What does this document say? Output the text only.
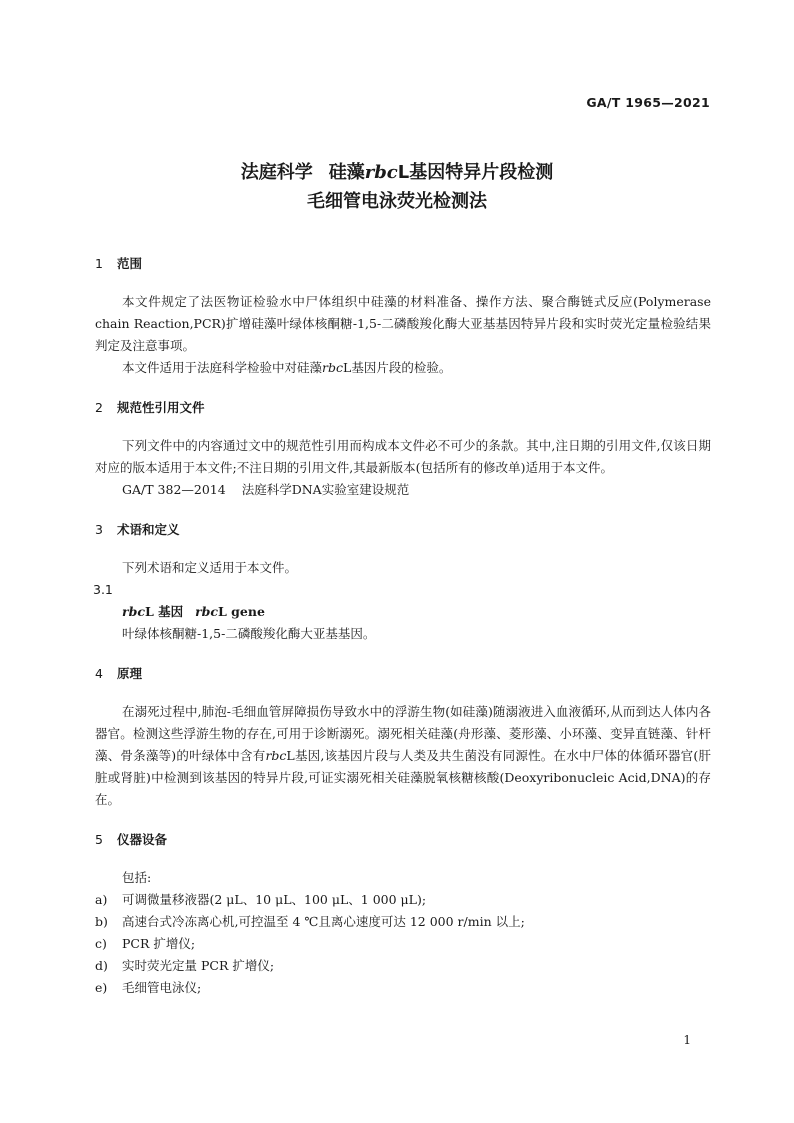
GA/T 1965—2021
法庭科学 硅藻rbcL基因特异片段检测
毛细管电泳荧光检测法
1 范围

本文件规定了法医物证检验水中尸体组织中硅藻的材料准备、操作方法、聚合酶链式反应(Polymerase chain Reaction,PCR)扩增硅藻叶绿体核酮糖-1,5-二磷酸羧化酶大亚基基因特异片段和实时荧光定量检验结果判定及注意事项。

本文件适用于法庭科学检验中对硅藻rbcL基因片段的检验。

2 规范性引用文件

下列文件中的内容通过文中的规范性引用而构成本文件必不可少的条款。其中,注日期的引用文件,仅该日期对应的版本适用于本文件;不注日期的引用文件,其最新版本(包括所有的修改单)适用于本文件。

GA/T 382—2014 法庭科学DNA实验室建设规范

3 术语和定义

下列术语和定义适用于本文件。

3.1
rbcL 基因 rbcL gene

叶绿体核酮糖-1,5-二磷酸羧化酶大亚基基因。

4 原理

在溺死过程中,肺泡-毛细血管屏障损伤导致水中的浮游生物(如硅藻)随溺液进入血液循环,从而到达人体内各器官。检测这些浮游生物的存在,可用于诊断溺死。溺死相关硅藻(舟形藻、菱形藻、小环藻、变异直链藻、针杆藻、骨条藻等)的叶绿体中含有rbcL基因,该基因片段与人类及共生菌没有同源性。在水中尸体的体循环器官(肝脏或肾脏)中检测到该基因的特异片段,可证实溺死相关硅藻脱氧核糖核酸(Deoxyribonucleic Acid,DNA)的存在。

5 仪器设备

包括:

a)	可调微量移液器(2 μL、10 μL、100 μL、1 000 μL);
b)	高速台式冷冻离心机,可控温至 4 ℃且离心速度可达 12 000 r/min 以上;
c)	PCR 扩增仪;
d)	实时荧光定量 PCR 扩增仪;
e)	毛细管电泳仪;
1
